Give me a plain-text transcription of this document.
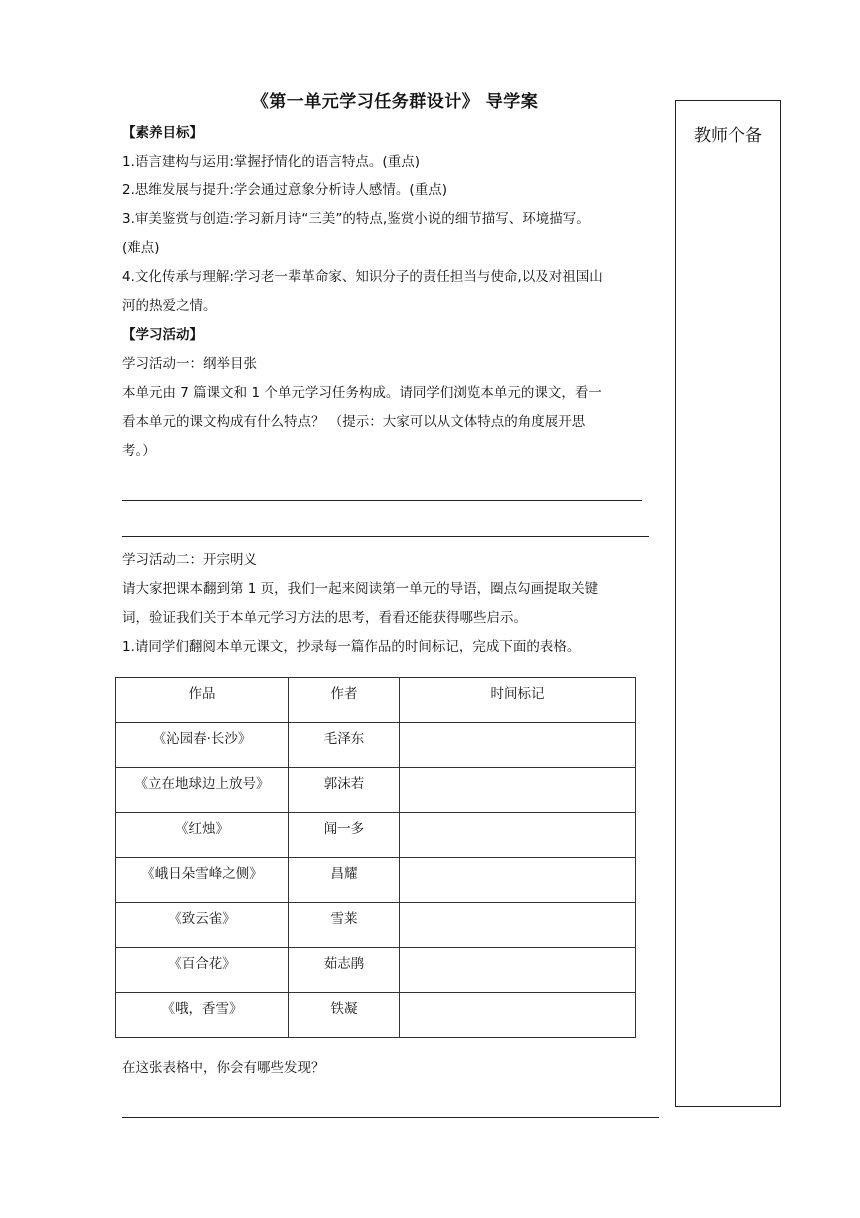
《第一单元学习任务群设计》 导学案
【素养目标】
1.语言建构与运用:掌握抒情化的语言特点。(重点)
2.思维发展与提升:学会通过意象分析诗人感情。(重点)
3.审美鉴赏与创造:学习新月诗“三美”的特点,鉴赏小说的细节描写、环境描写。
(难点)
4.文化传承与理解:学习老一辈革命家、知识分子的责任担当与使命,以及对祖国山
河的热爱之情。
【学习活动】
学习活动一：纲举目张
本单元由 7 篇课文和 1 个单元学习任务构成。请同学们浏览本单元的课文，看一
看本单元的课文构成有什么特点？ （提示：大家可以从文体特点的角度展开思
考。）
学习活动二：开宗明义
请大家把课本翻到第 1 页，我们一起来阅读第一单元的导语，圈点勾画提取关键
词，验证我们关于本单元学习方法的思考，看看还能获得哪些启示。
1.请同学们翻阅本单元课文，抄录每一篇作品的时间标记，完成下面的表格。
作品	作者	时间标记
《沁园春·长沙》	毛泽东	
《立在地球边上放号》	郭沫若	
《红烛》	闻一多	
《峨日朵雪峰之侧》	昌耀	
《致云雀》	雪莱	
《百合花》	茹志鹃	
《哦，香雪》	铁凝	
在这张表格中，你会有哪些发现？
教师个备
